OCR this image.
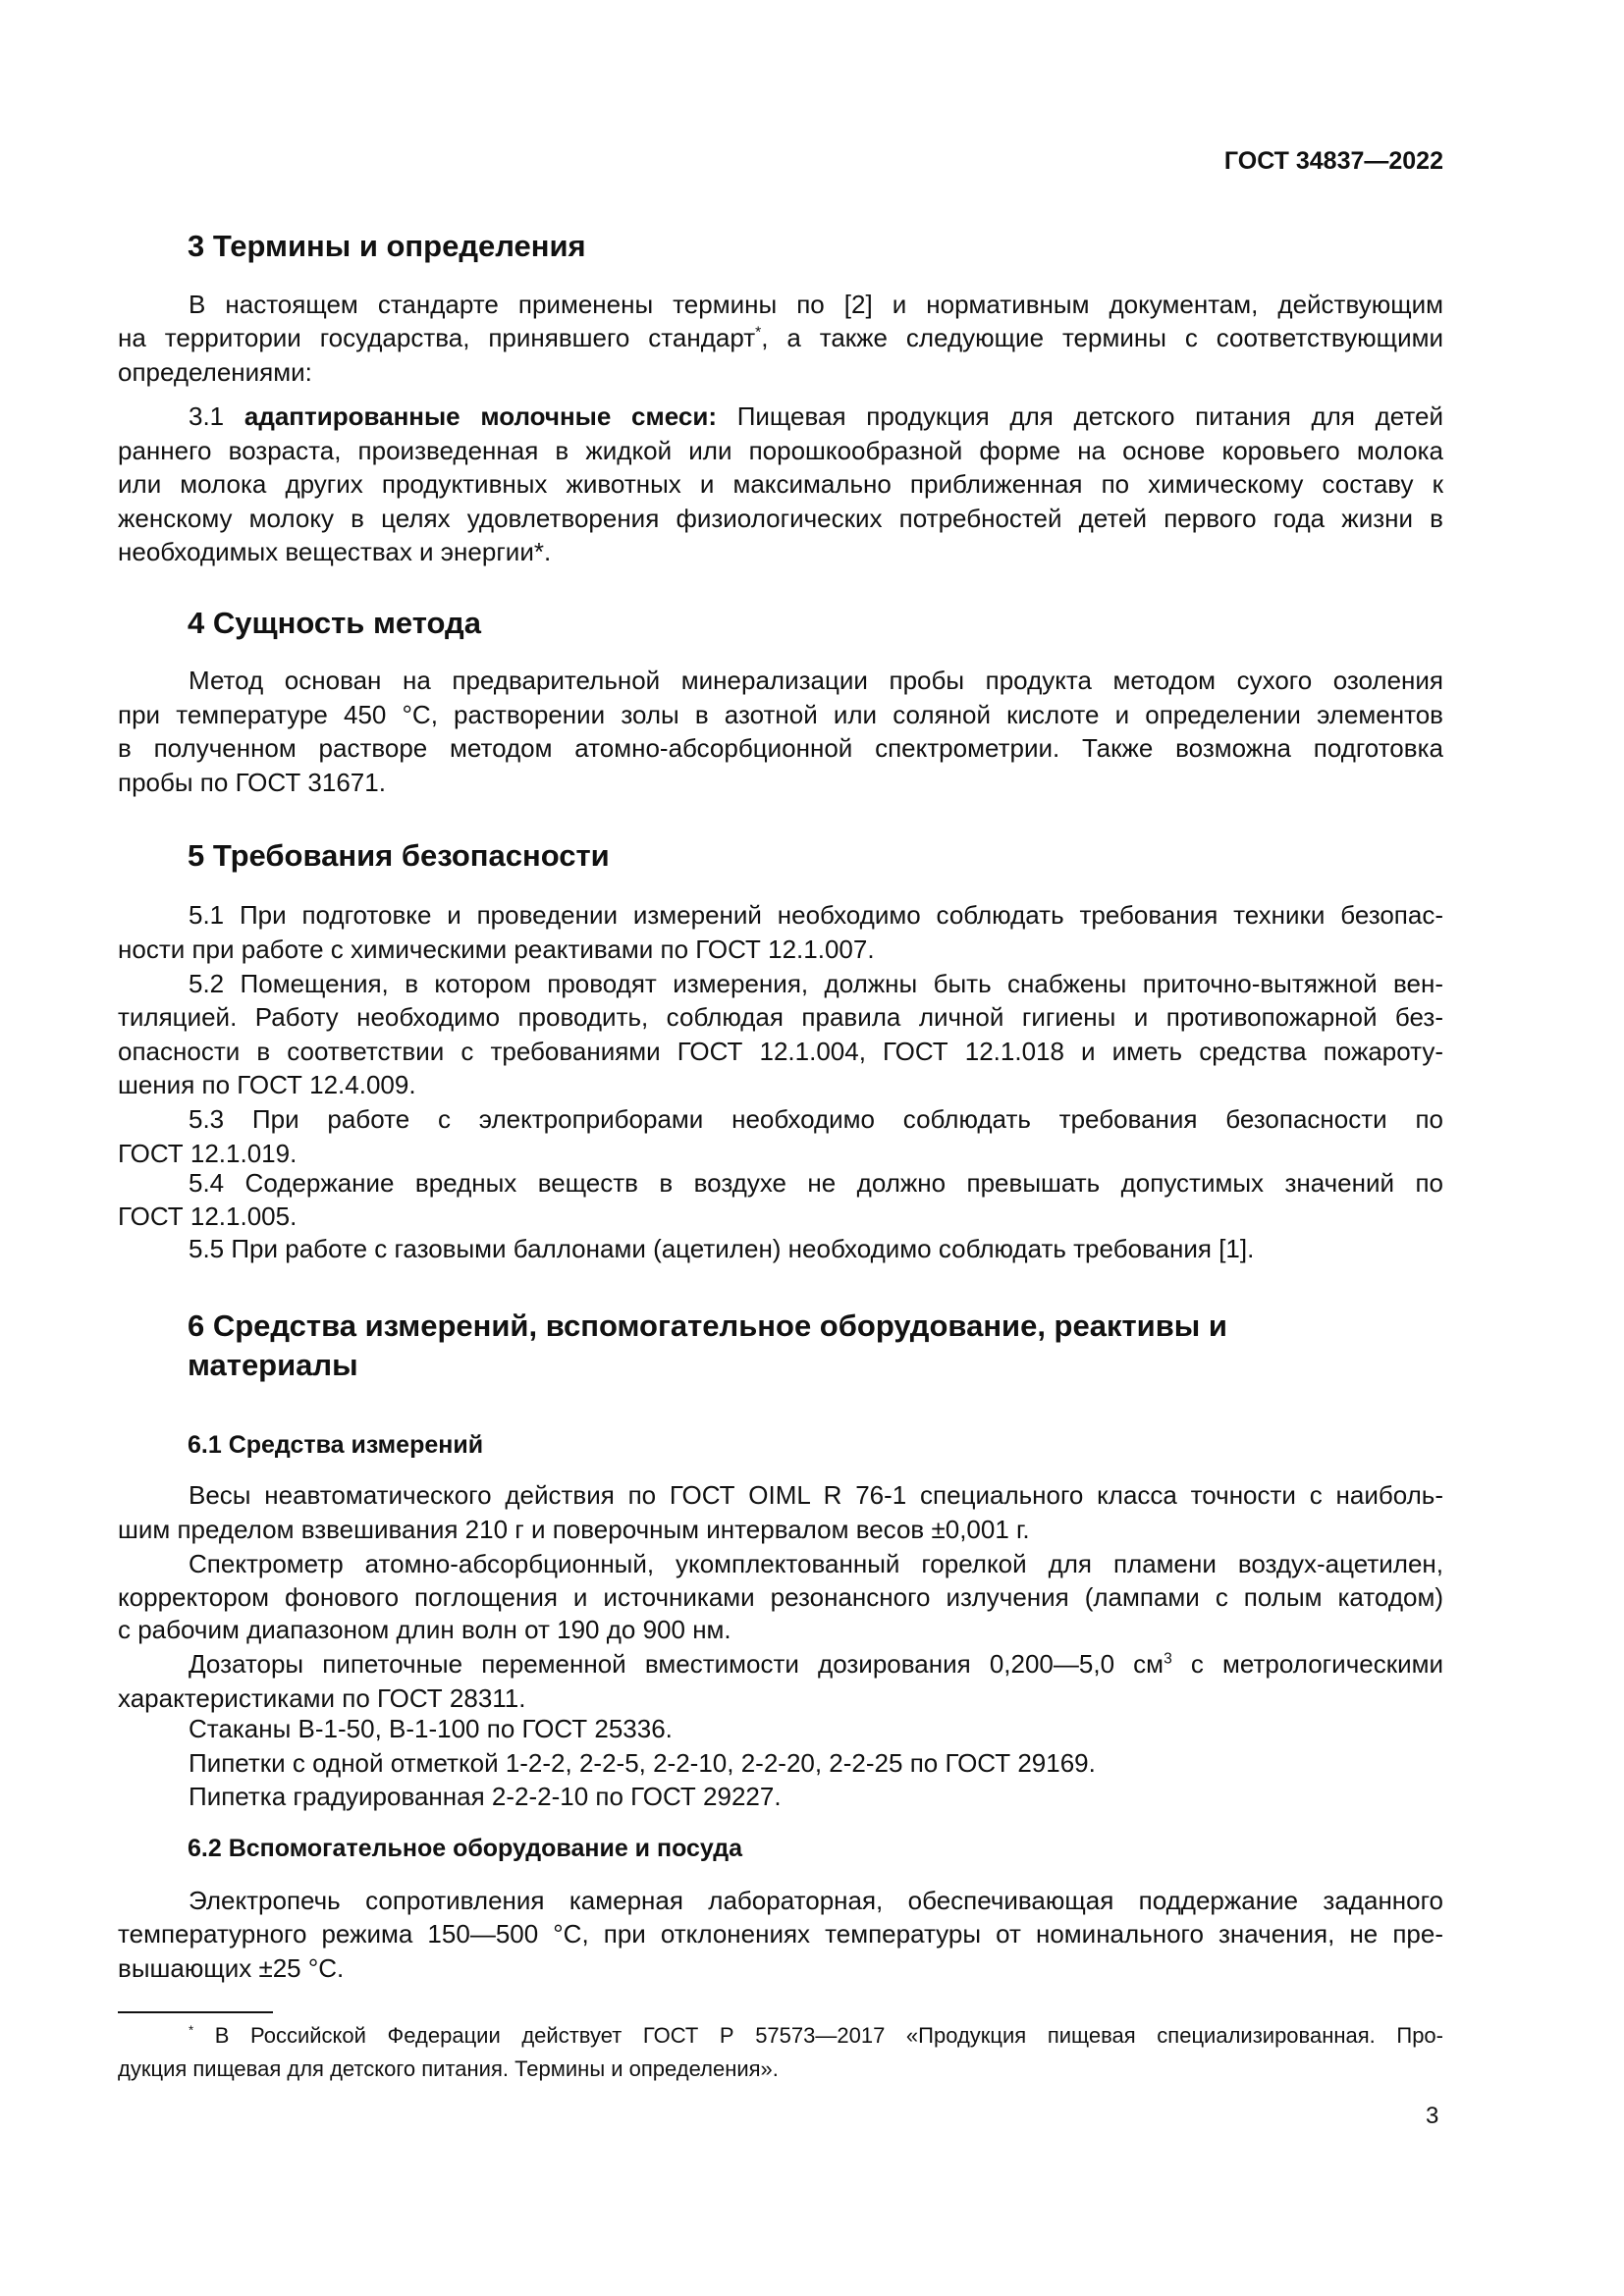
ГОСТ 34837—2022
3 Термины и определения
В настоящем стандарте применены термины по [2] и нормативным документам, действующим
на территории государства, принявшего стандарт*, а также следующие термины с соответствующими
определениями:
3.1 адаптированные молочные смеси: Пищевая продукция для детского питания для детей
раннего возраста, произведенная в жидкой или порошкообразной форме на основе коровьего молока
или молока других продуктивных животных и максимально приближенная по химическому составу к
женскому молоку в целях удовлетворения физиологических потребностей детей первого года жизни в
необходимых веществах и энергии*.
4 Сущность метода
Метод основан на предварительной минерализации пробы продукта методом сухого озоления
при температуре 450 °С, растворении золы в азотной или соляной кислоте и определении элементов
в полученном растворе методом атомно-абсорбционной спектрометрии. Также возможна подготовка
пробы по ГОСТ 31671.
5 Требования безопасности
5.1 При подготовке и проведении измерений необходимо соблюдать требования техники безопас-
ности при работе с химическими реактивами по ГОСТ 12.1.007.
5.2 Помещения, в котором проводят измерения, должны быть снабжены приточно-вытяжной вен-
тиляцией. Работу необходимо проводить, соблюдая правила личной гигиены и противопожарной без-
опасности в соответствии с требованиями ГОСТ 12.1.004, ГОСТ 12.1.018 и иметь средства пожароту-
шения по ГОСТ 12.4.009.
5.3 При работе с электроприборами необходимо соблюдать требования безопасности по
ГОСТ 12.1.019.
5.4 Содержание вредных веществ в воздухе не должно превышать допустимых значений по
ГОСТ 12.1.005.
5.5 При работе с газовыми баллонами (ацетилен) необходимо соблюдать требования [1].
6 Средства измерений, вспомогательное оборудование, реактивы и
материалы
6.1 Средства измерений
Весы неавтоматического действия по ГОСТ OIML R 76-1 специального класса точности с наиболь-
шим пределом взвешивания 210 г и поверочным интервалом весов ±0,001 г.
Спектрометр атомно-абсорбционный, укомплектованный горелкой для пламени воздух-ацетилен,
корректором фонового поглощения и источниками резонансного излучения (лампами с полым катодом)
с рабочим диапазоном длин волн от 190 до 900 нм.
Дозаторы пипеточные переменной вместимости дозирования 0,200—5,0 $см^3$ с метрологическими
характеристиками по ГОСТ 28311.
Стаканы В-1-50, В-1-100 по ГОСТ 25336.
Пипетки с одной отметкой 1-2-2, 2-2-5, 2-2-10, 2-2-20, 2-2-25 по ГОСТ 29169.
Пипетка градуированная 2-2-2-10 по ГОСТ 29227.
6.2 Вспомогательное оборудование и посуда
Электропечь сопротивления камерная лабораторная, обеспечивающая поддержание заданного
температурного режима 150—500 °С, при отклонениях температуры от номинального значения, не пре-
вышающих ±25 °С.
* В Российской Федерации действует ГОСТ Р 57573—2017 «Продукция пищевая специализированная. Про-
дукция пищевая для детского питания. Термины и определения».
3
